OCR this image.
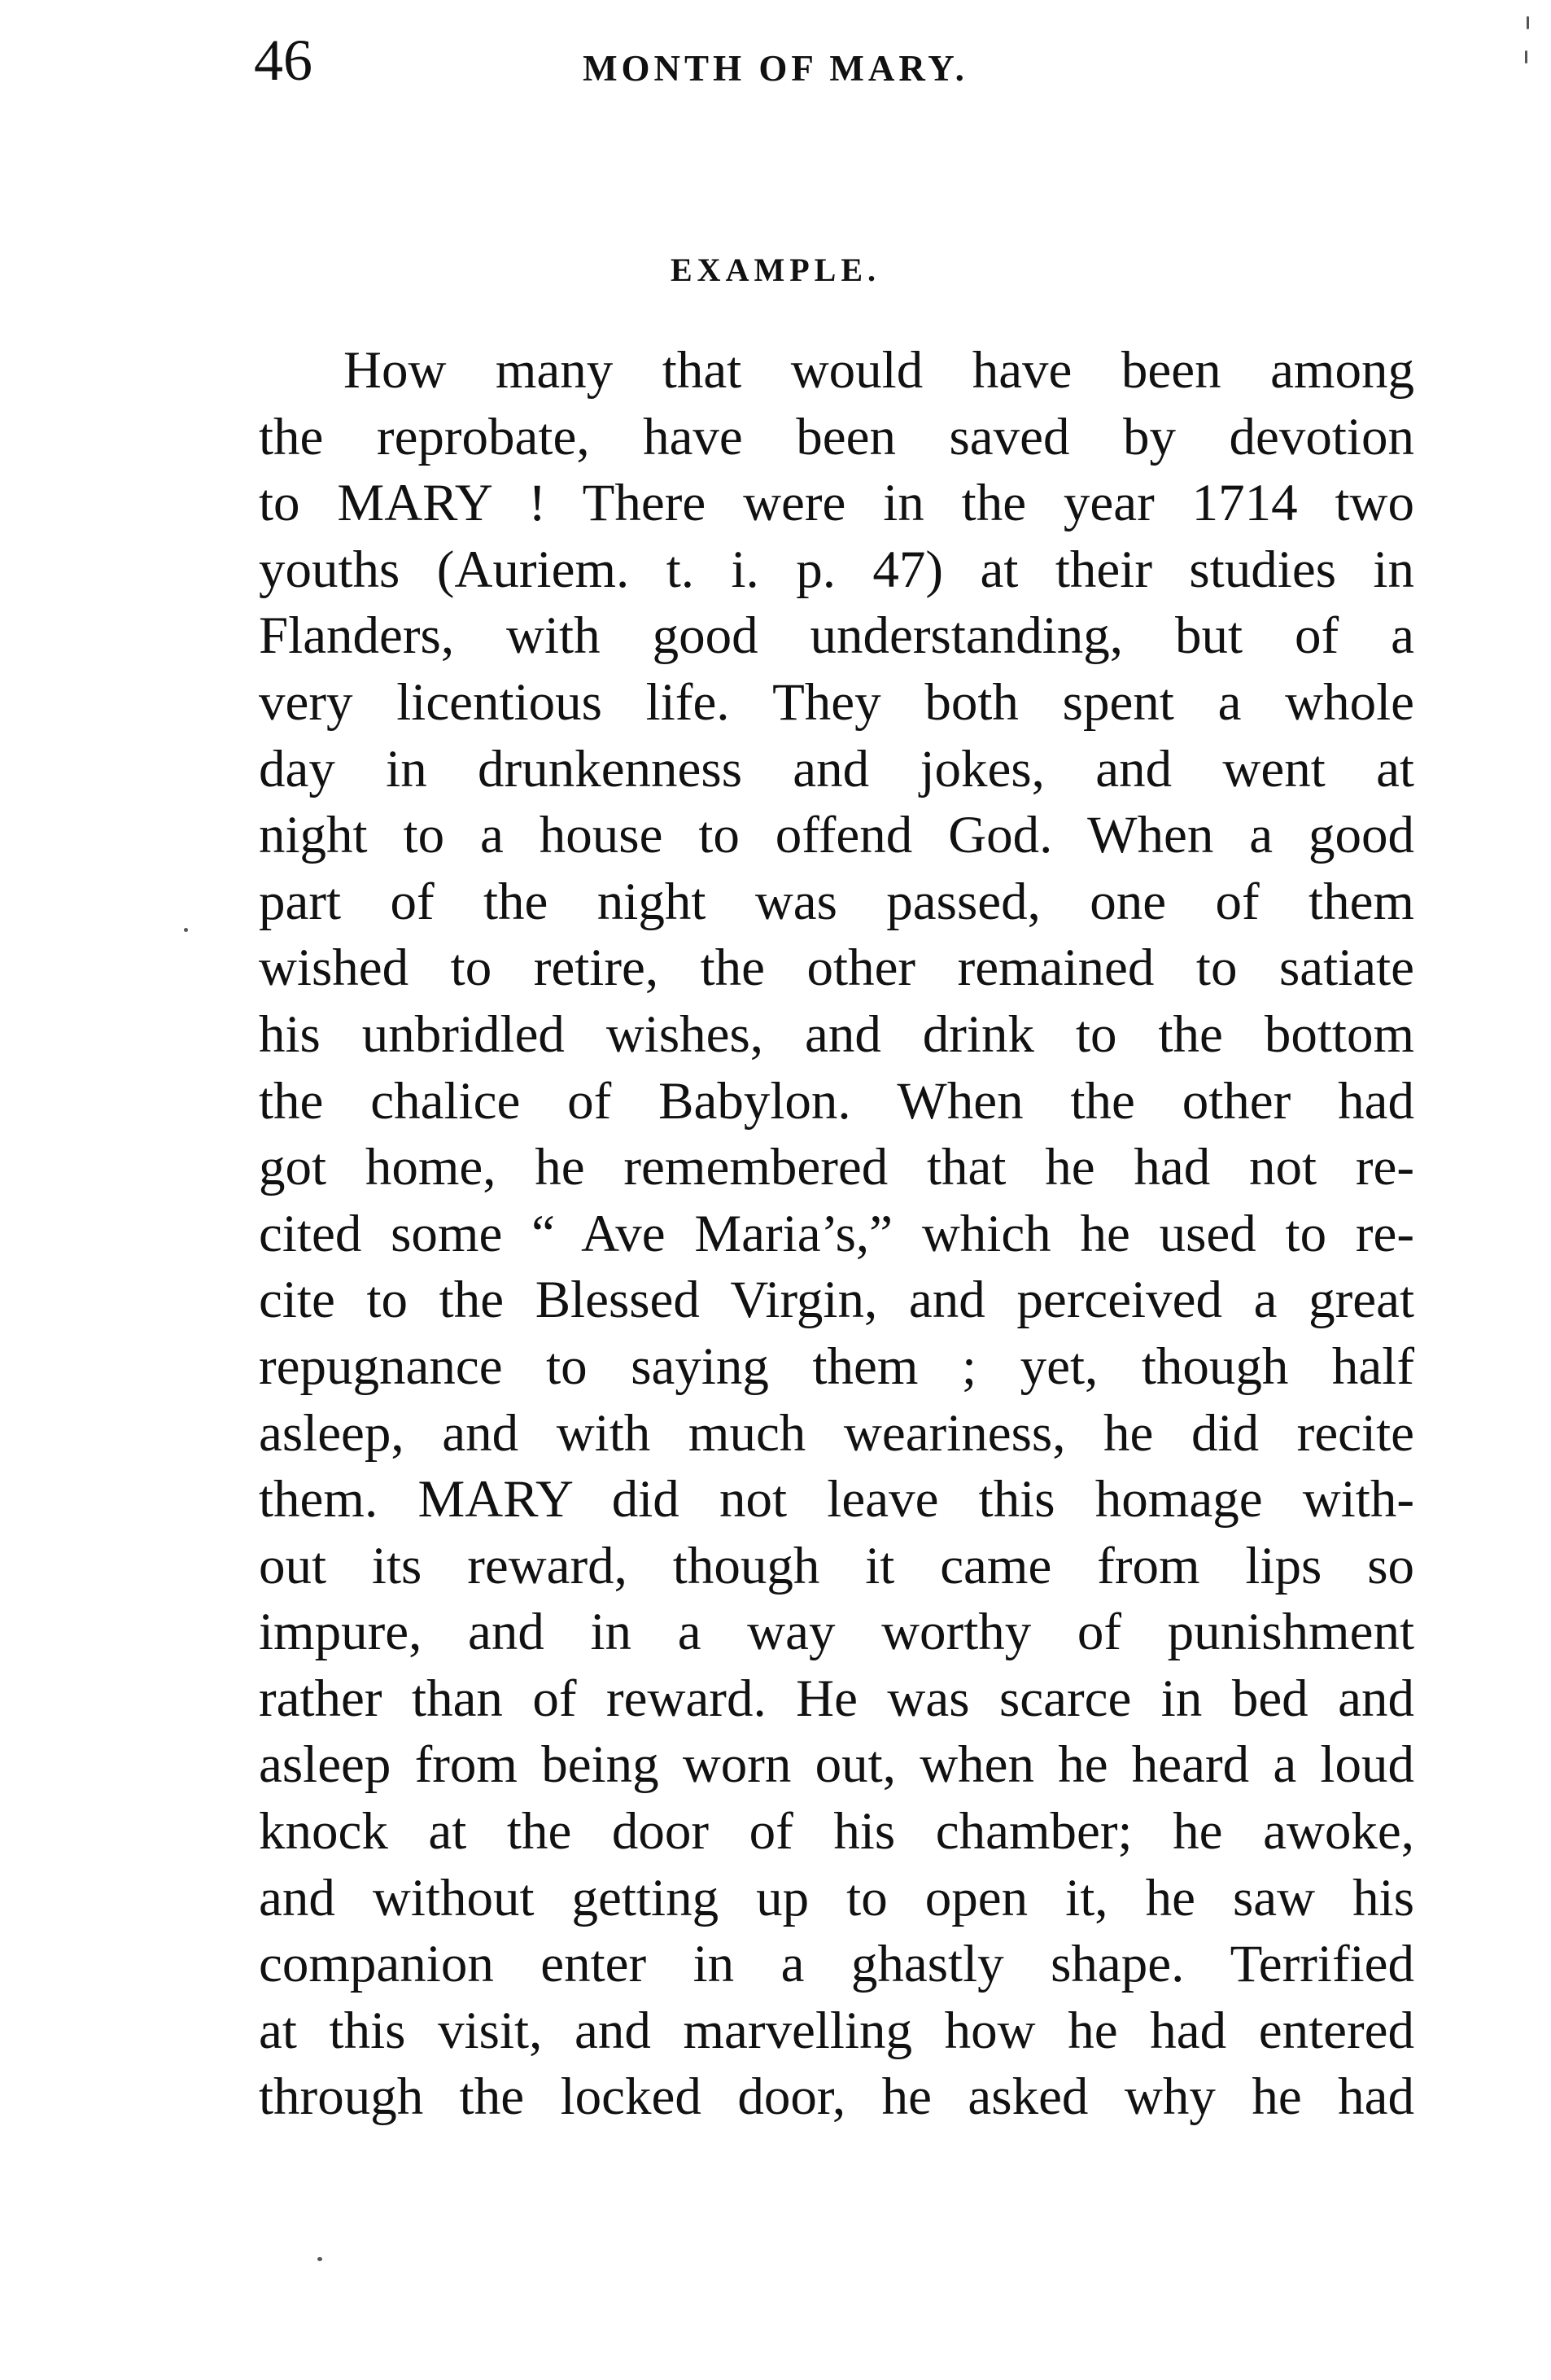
46	MONTH OF MARY.
EXAMPLE.
How many that would have been among
the reprobate, have been saved by devotion
to MARY ! There were in the year 1714 two
youths (Auriem. t. i. p. 47) at their studies in
Flanders, with good understanding, but of a
very licentious life. They both spent a whole
day in drunkenness and jokes, and went at
night to a house to offend God. When a good
part of the night was passed, one of them
wished to retire, the other remained to satiate
his unbridled wishes, and drink to the bottom
the chalice of Babylon. When the other had
got home, he remembered that he had not re-
cited some “ Ave Maria’s,” which he used to re-
cite to the Blessed Virgin, and perceived a great
repugnance to saying them ; yet, though half
asleep, and with much weariness, he did recite
them. MARY did not leave this homage with-
out its reward, though it came from lips so
impure, and in a way worthy of punishment
rather than of reward. He was scarce in bed and
asleep from being worn out, when he heard a loud
knock at the door of his chamber; he awoke,
and without getting up to open it, he saw his
companion enter in a ghastly shape. Terrified
at this visit, and marvelling how he had entered
through the locked door, he asked why he had
